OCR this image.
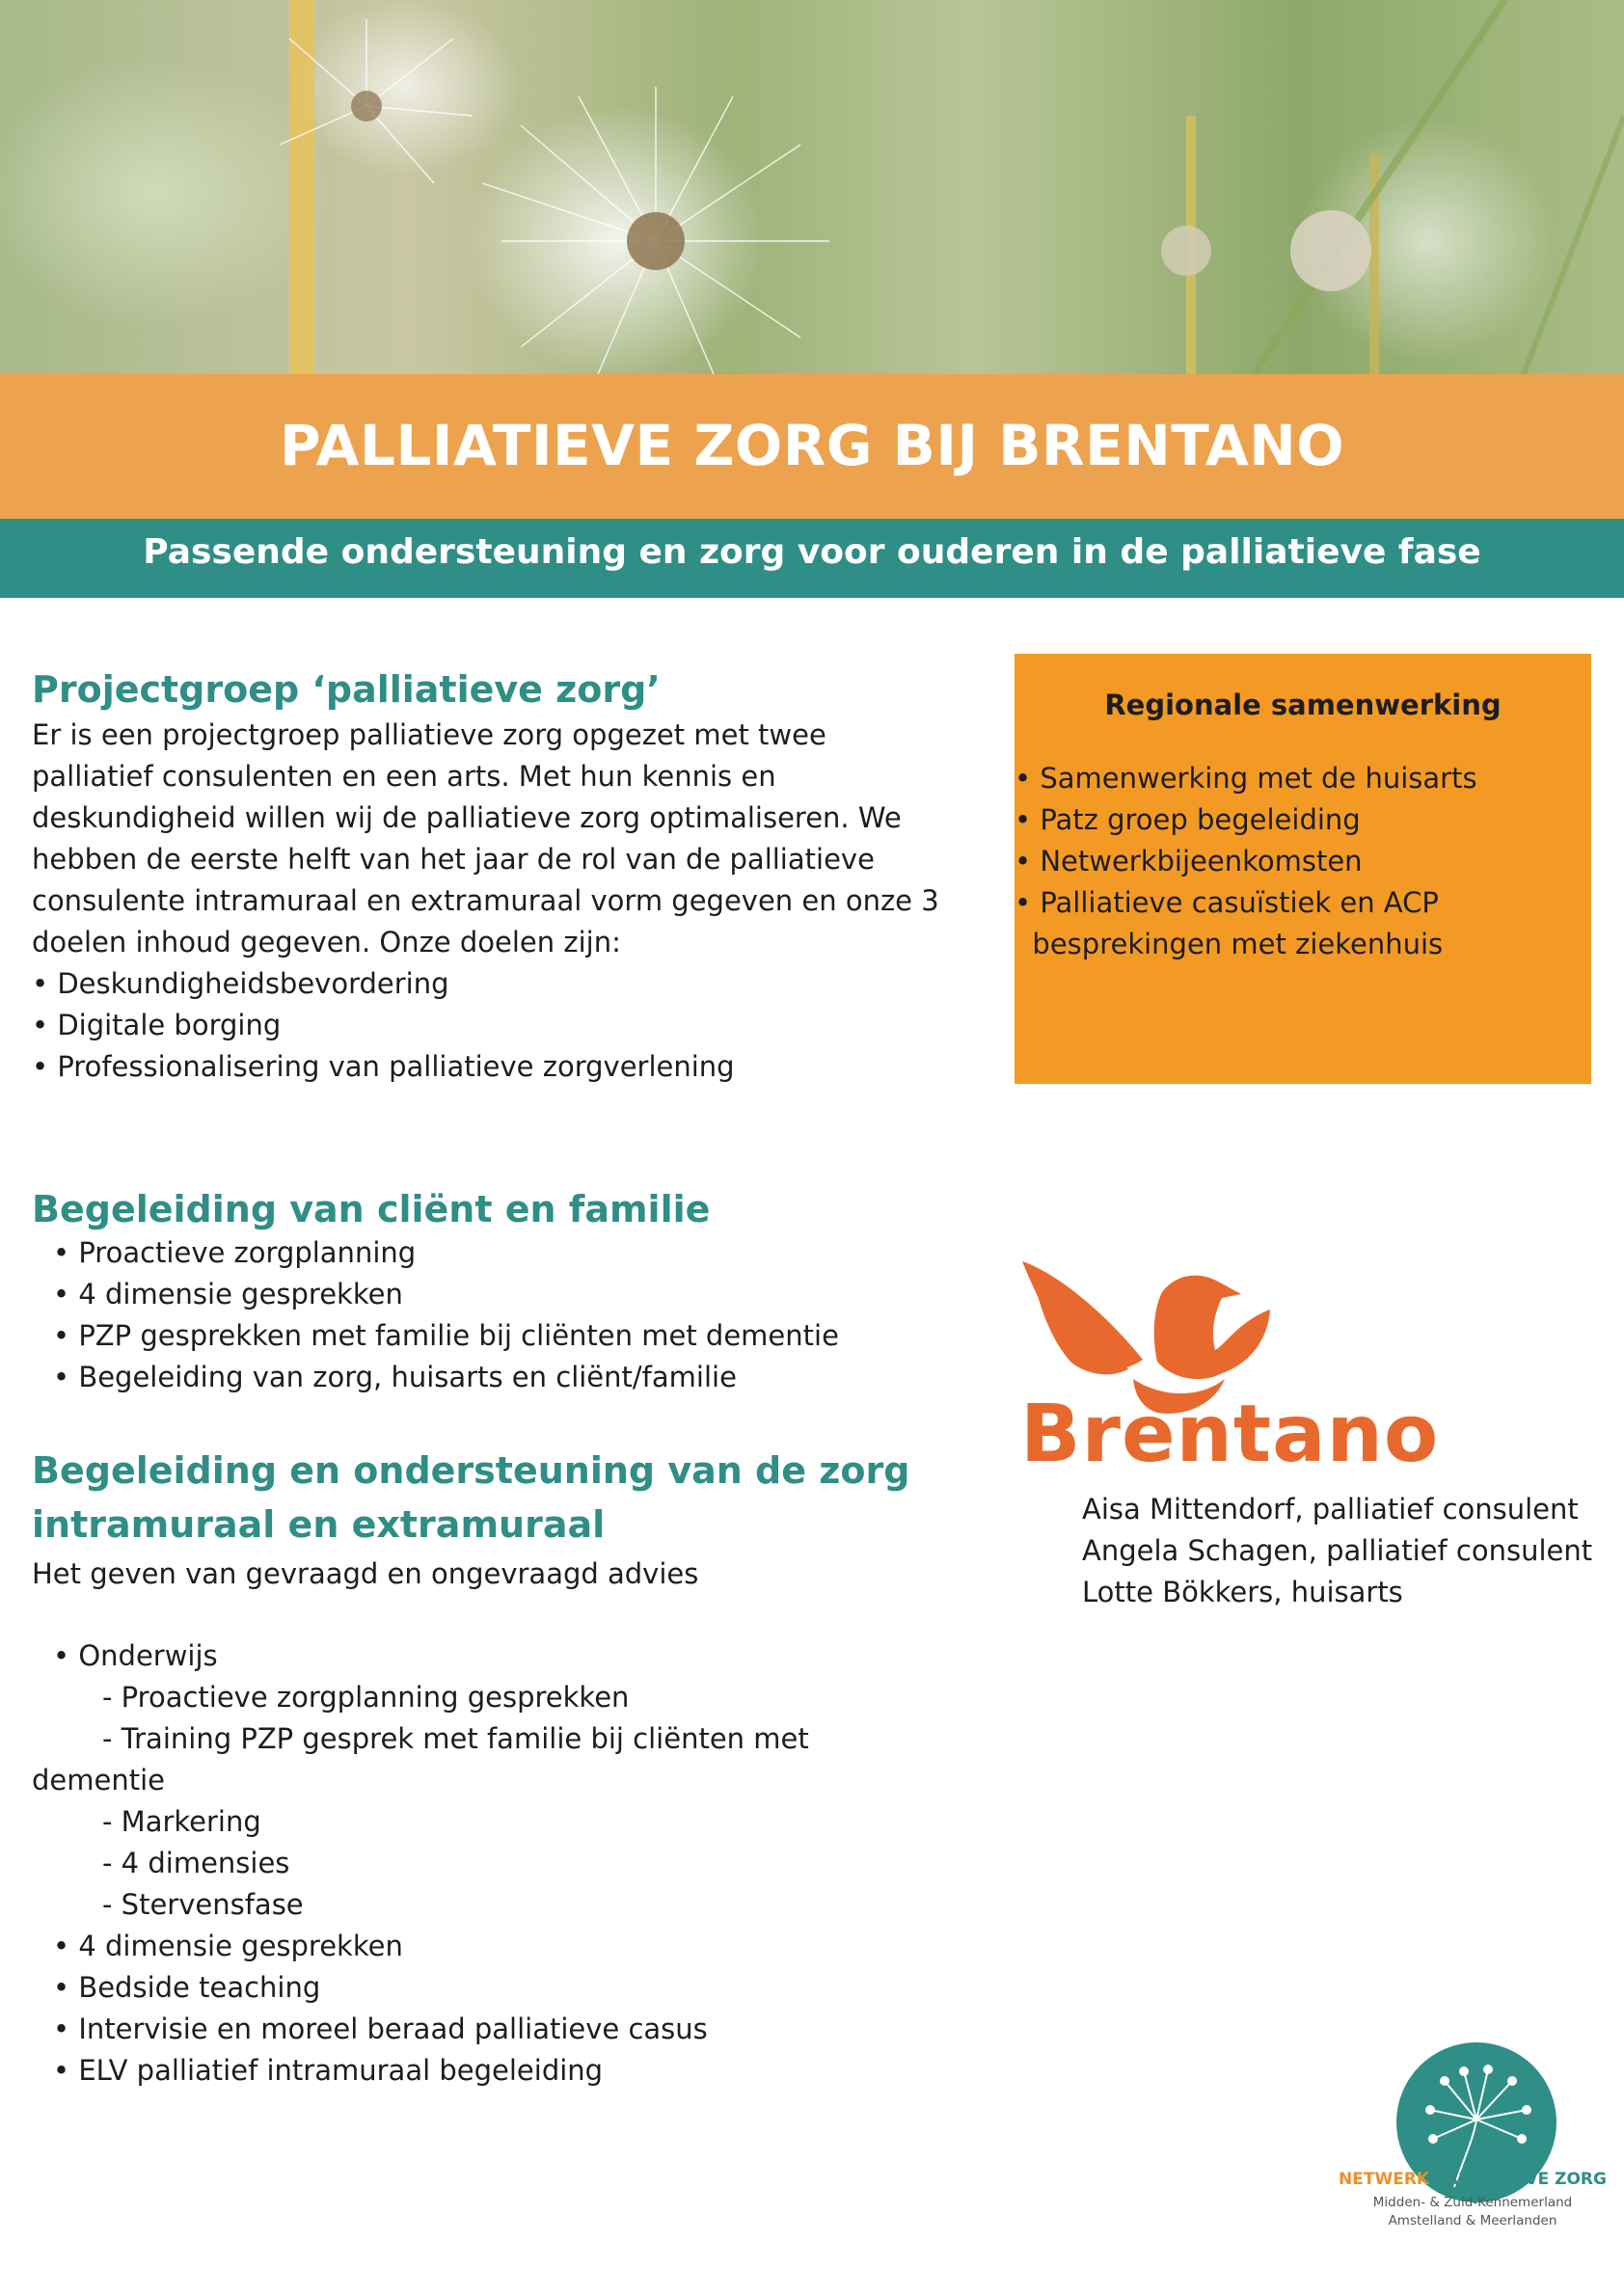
PALLIATIEVE ZORG BIJ BRENTANO
Passende ondersteuning en zorg voor ouderen in de palliatieve fase
Projectgroep ‘palliatieve zorg’
Er is een projectgroep palliatieve zorg opgezet met twee
palliatief consulenten en een arts. Met hun kennis en
deskundigheid willen wij de palliatieve zorg optimaliseren. We
hebben de eerste helft van het jaar de rol van de palliatieve
consulente intramuraal en extramuraal vorm gegeven en onze 3
doelen inhoud gegeven. Onze doelen zijn:
• Deskundigheidsbevordering
• Digitale borging
• Professionalisering van palliatieve zorgverlening
Begeleiding van cliënt en familie
• Proactieve zorgplanning
• 4 dimensie gesprekken
• PZP gesprekken met familie bij cliënten met dementie
• Begeleiding van zorg, huisarts en cliënt/familie
Begeleiding en ondersteuning van de zorg
intramuraal en extramuraal
Het geven van gevraagd en ongevraagd advies
• Onderwijs
- Proactieve zorgplanning gesprekken
- Training PZP gesprek met familie bij cliënten met
dementie
- Markering
- 4 dimensies
- Stervensfase
• 4 dimensie gesprekken
• Bedside teaching
• Intervisie en moreel beraad palliatieve casus
• ELV palliatief intramuraal begeleiding
Regionale samenwerking
• Samenwerking met de huisarts
• Patz groep begeleiding
• Netwerkbijeenkomsten
• Palliatieve casuïstiek en ACP
besprekingen met ziekenhuis
Brentano
Aisa Mittendorf, palliatief consulent
Angela Schagen, palliatief consulent
Lotte Bökkers, huisarts
NETWERK PALLIATIEVE ZORG
Midden- & Zuid-Kennemerland
Amstelland & Meerlanden
